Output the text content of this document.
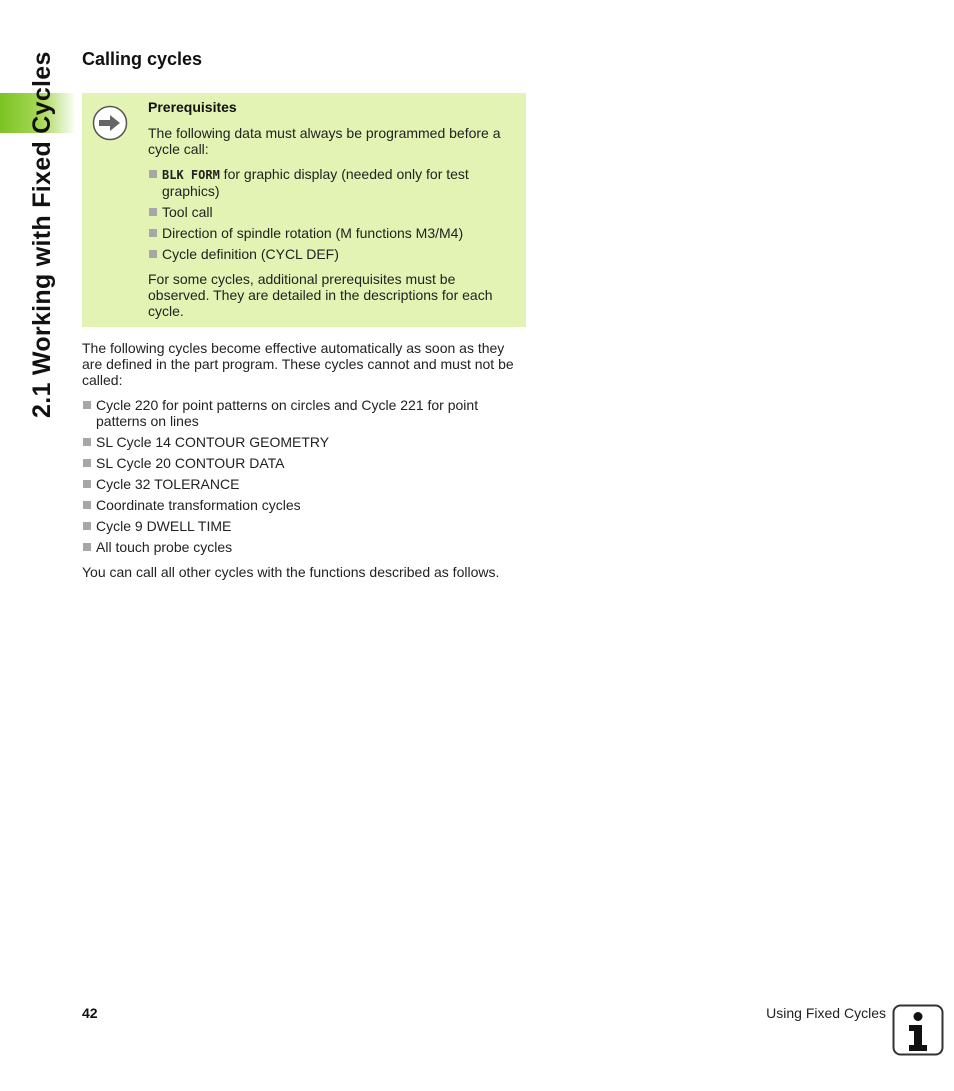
2.1 Working with Fixed Cycles Calling cycles
Prerequisites

The following data must always be programmed before a cycle call:

BLK FORM for graphic display (needed only for test graphics)
Tool call
Direction of spindle rotation (M functions M3/M4)
Cycle definition (CYCL DEF)

For some cycles, additional prerequisites must be observed. They are detailed in the descriptions for each cycle.

The following cycles become effective automatically as soon as they are defined in the part program. These cycles cannot and must not be called:

Cycle 220 for point patterns on circles and Cycle 221 for point patterns on lines
SL Cycle 14 CONTOUR GEOMETRY
SL Cycle 20 CONTOUR DATA
Cycle 32 TOLERANCE
Coordinate transformation cycles
Cycle 9 DWELL TIME
All touch probe cycles

You can call all other cycles with the functions described as follows.

42	Using Fixed Cycles
